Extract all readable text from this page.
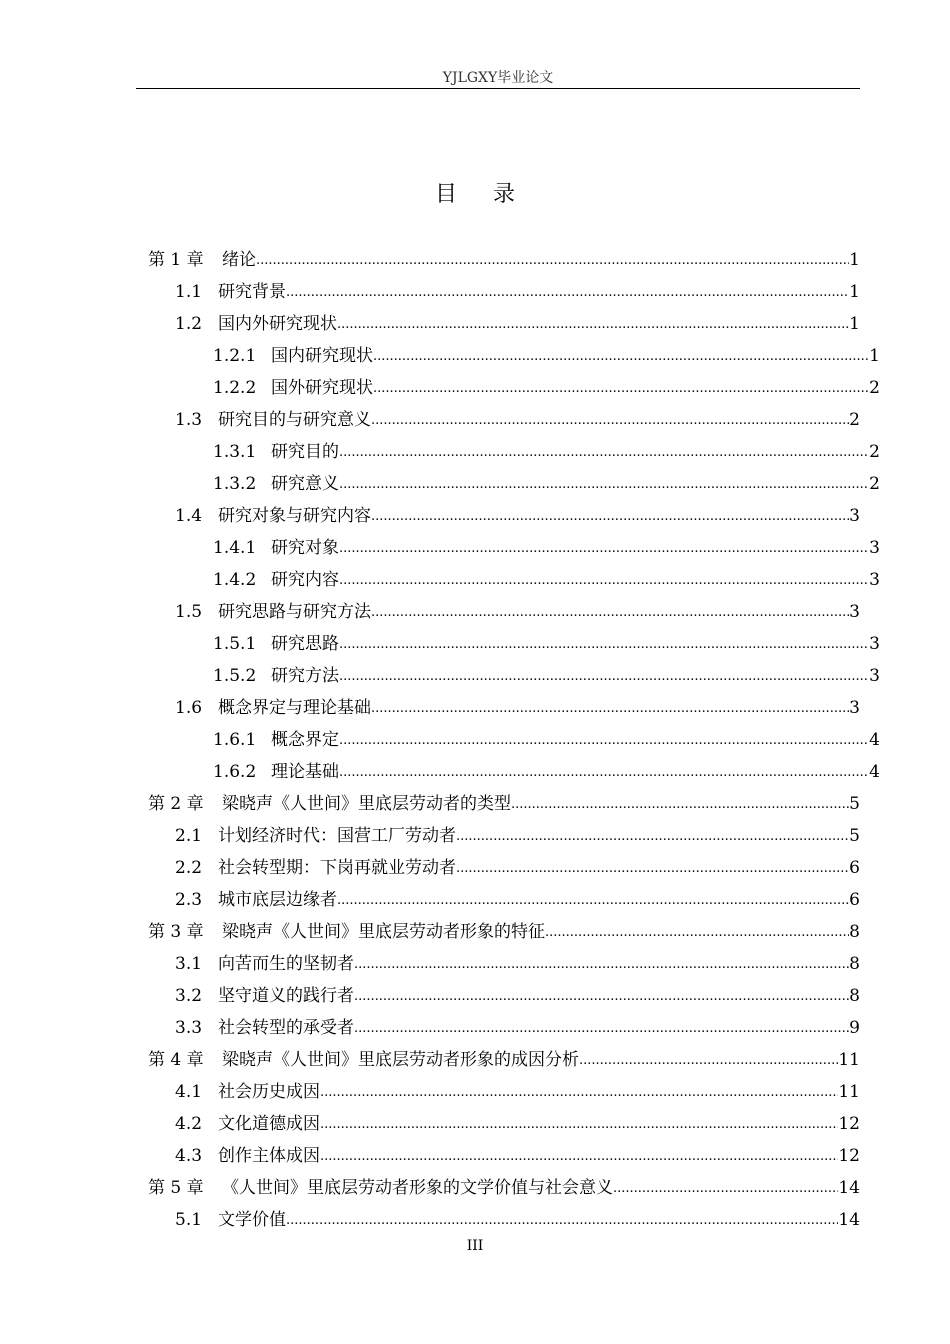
YJLGXY毕业论文
目录
第 1 章	绪论 .....	1
1.1 研究背景 .....	1
1.2 国内外研究现状 .....	1
1.2.1 国内研究现状 .....	1
1.2.2 国外研究现状 .....	2
1.3 研究目的与研究意义 .....	2
1.3.1 研究目的 .....	2
1.3.2 研究意义 .....	2
1.4 研究对象与研究内容 .....	3
1.4.1 研究对象 .....	3
1.4.2 研究内容 .....	3
1.5 研究思路与研究方法 .....	3
1.5.1 研究思路 .....	3
1.5.2 研究方法 .....	3
1.6 概念界定与理论基础 .....	3
1.6.1 概念界定 .....	4
1.6.2 理论基础 .....	4
第 2 章	梁晓声《人世间》里底层劳动者的类型 .....	5
2.1 计划经济时代：国营工厂劳动者 .....	5
2.2 社会转型期：下岗再就业劳动者 .....	6
2.3 城市底层边缘者 .....	6
第 3 章	梁晓声《人世间》里底层劳动者形象的特征 .....	8
3.1 向苦而生的坚韧者 .....	8
3.2 坚守道义的践行者 .....	8
3.3 社会转型的承受者 .....	9
第 4 章	梁晓声《人世间》里底层劳动者形象的成因分析 .....	11
4.1 社会历史成因 .....	11
4.2 文化道德成因 .....	12
4.3 创作主体成因 .....	12
第 5 章	《人世间》里底层劳动者形象的文学价值与社会意义 .....	14
5.1 文学价值 .....	14
III
